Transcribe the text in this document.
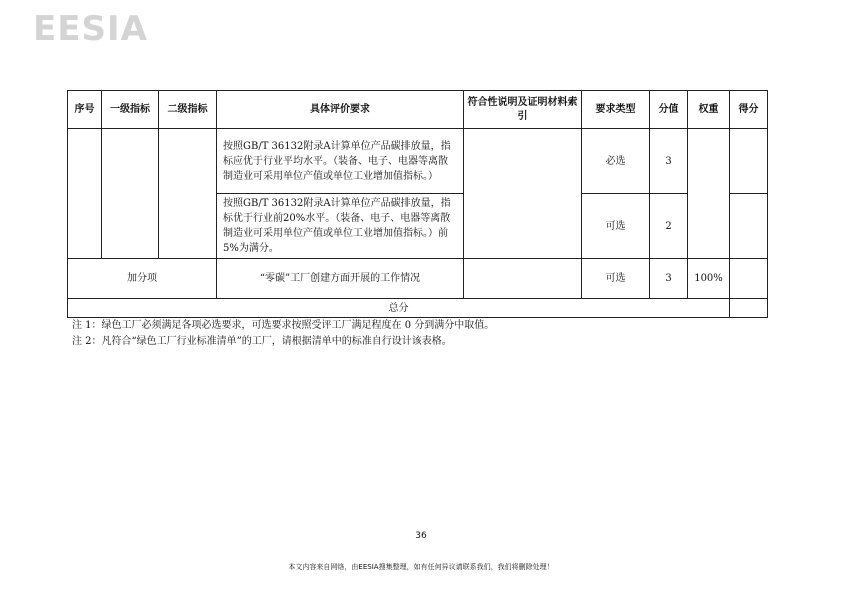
EESIA
序号	一级指标	二级指标	具体评价要求	符合性说明及证明材料索引	要求类型	分值	权重	得分
			按照GB/T 36132附录A计算单位产品碳排放量，指标应优于行业平均水平。（装备、电子、电器等离散制造业可采用单位产值或单位工业增加值指标。）		必选	3		
			按照GB/T 36132附录A计算单位产品碳排放量，指标优于行业前20%水平。（装备、电子、电器等离散制造业可采用单位产值或单位工业增加值指标。）前5%为满分。		可选	2		
加分项			“零碳”工厂创建方面开展的工作情况		可选	3	100%	
总分								
注 1：绿色工厂必须满足各项必选要求，可选要求按照受评工厂满足程度在 0 分到满分中取值。
注 2：凡符合“绿色工厂行业标准清单”的工厂，请根据清单中的标准自行设计该表格。
36
本文内容来自网络，由EESIA搜集整理，如有任何异议请联系我们，我们将删除处理！
